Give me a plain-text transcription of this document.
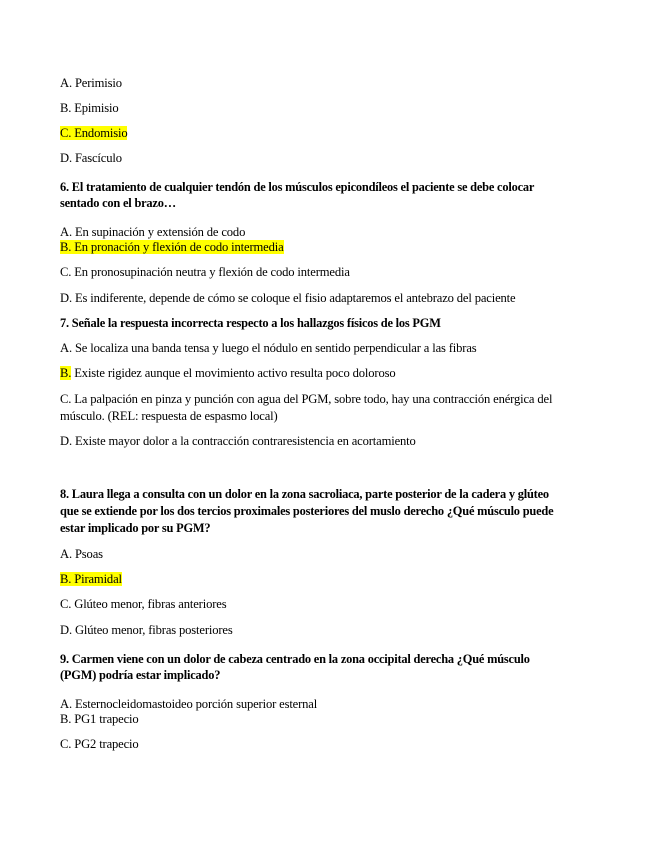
A. Perimisio
B. Epimisio
C. Endomisio
D. Fascículo
6. El tratamiento de cualquier tendón de los músculos epicondíleos el paciente se debe colocar
sentado con el brazo…
A. En supinación y extensión de codo
B. En pronación y flexión de codo intermedia
C. En pronosupinación neutra y flexión de codo intermedia
D. Es indiferente, depende de cómo se coloque el fisio adaptaremos el antebrazo del paciente
7. Señale la respuesta incorrecta respecto a los hallazgos físicos de los PGM
A. Se localiza una banda tensa y luego el nódulo en sentido perpendicular a las fibras
B. Existe rigidez aunque el movimiento activo resulta poco doloroso
C. La palpación en pinza y punción con agua del PGM, sobre todo, hay una contracción enérgica del
músculo. (REL: respuesta de espasmo local)
D. Existe mayor dolor a la contracción contraresistencia en acortamiento
8. Laura llega a consulta con un dolor en la zona sacroliaca, parte posterior de la cadera y glúteo
que se extiende por los dos tercios proximales posteriores del muslo derecho ¿Qué músculo puede
estar implicado por su PGM?
A. Psoas
B. Piramidal
C. Glúteo menor, fibras anteriores
D. Glúteo menor, fibras posteriores
9. Carmen viene con un dolor de cabeza centrado en la zona occipital derecha ¿Qué músculo
(PGM) podría estar implicado?
A. Esternocleidomastoideo porción superior esternal
B. PG1 trapecio
C. PG2 trapecio
